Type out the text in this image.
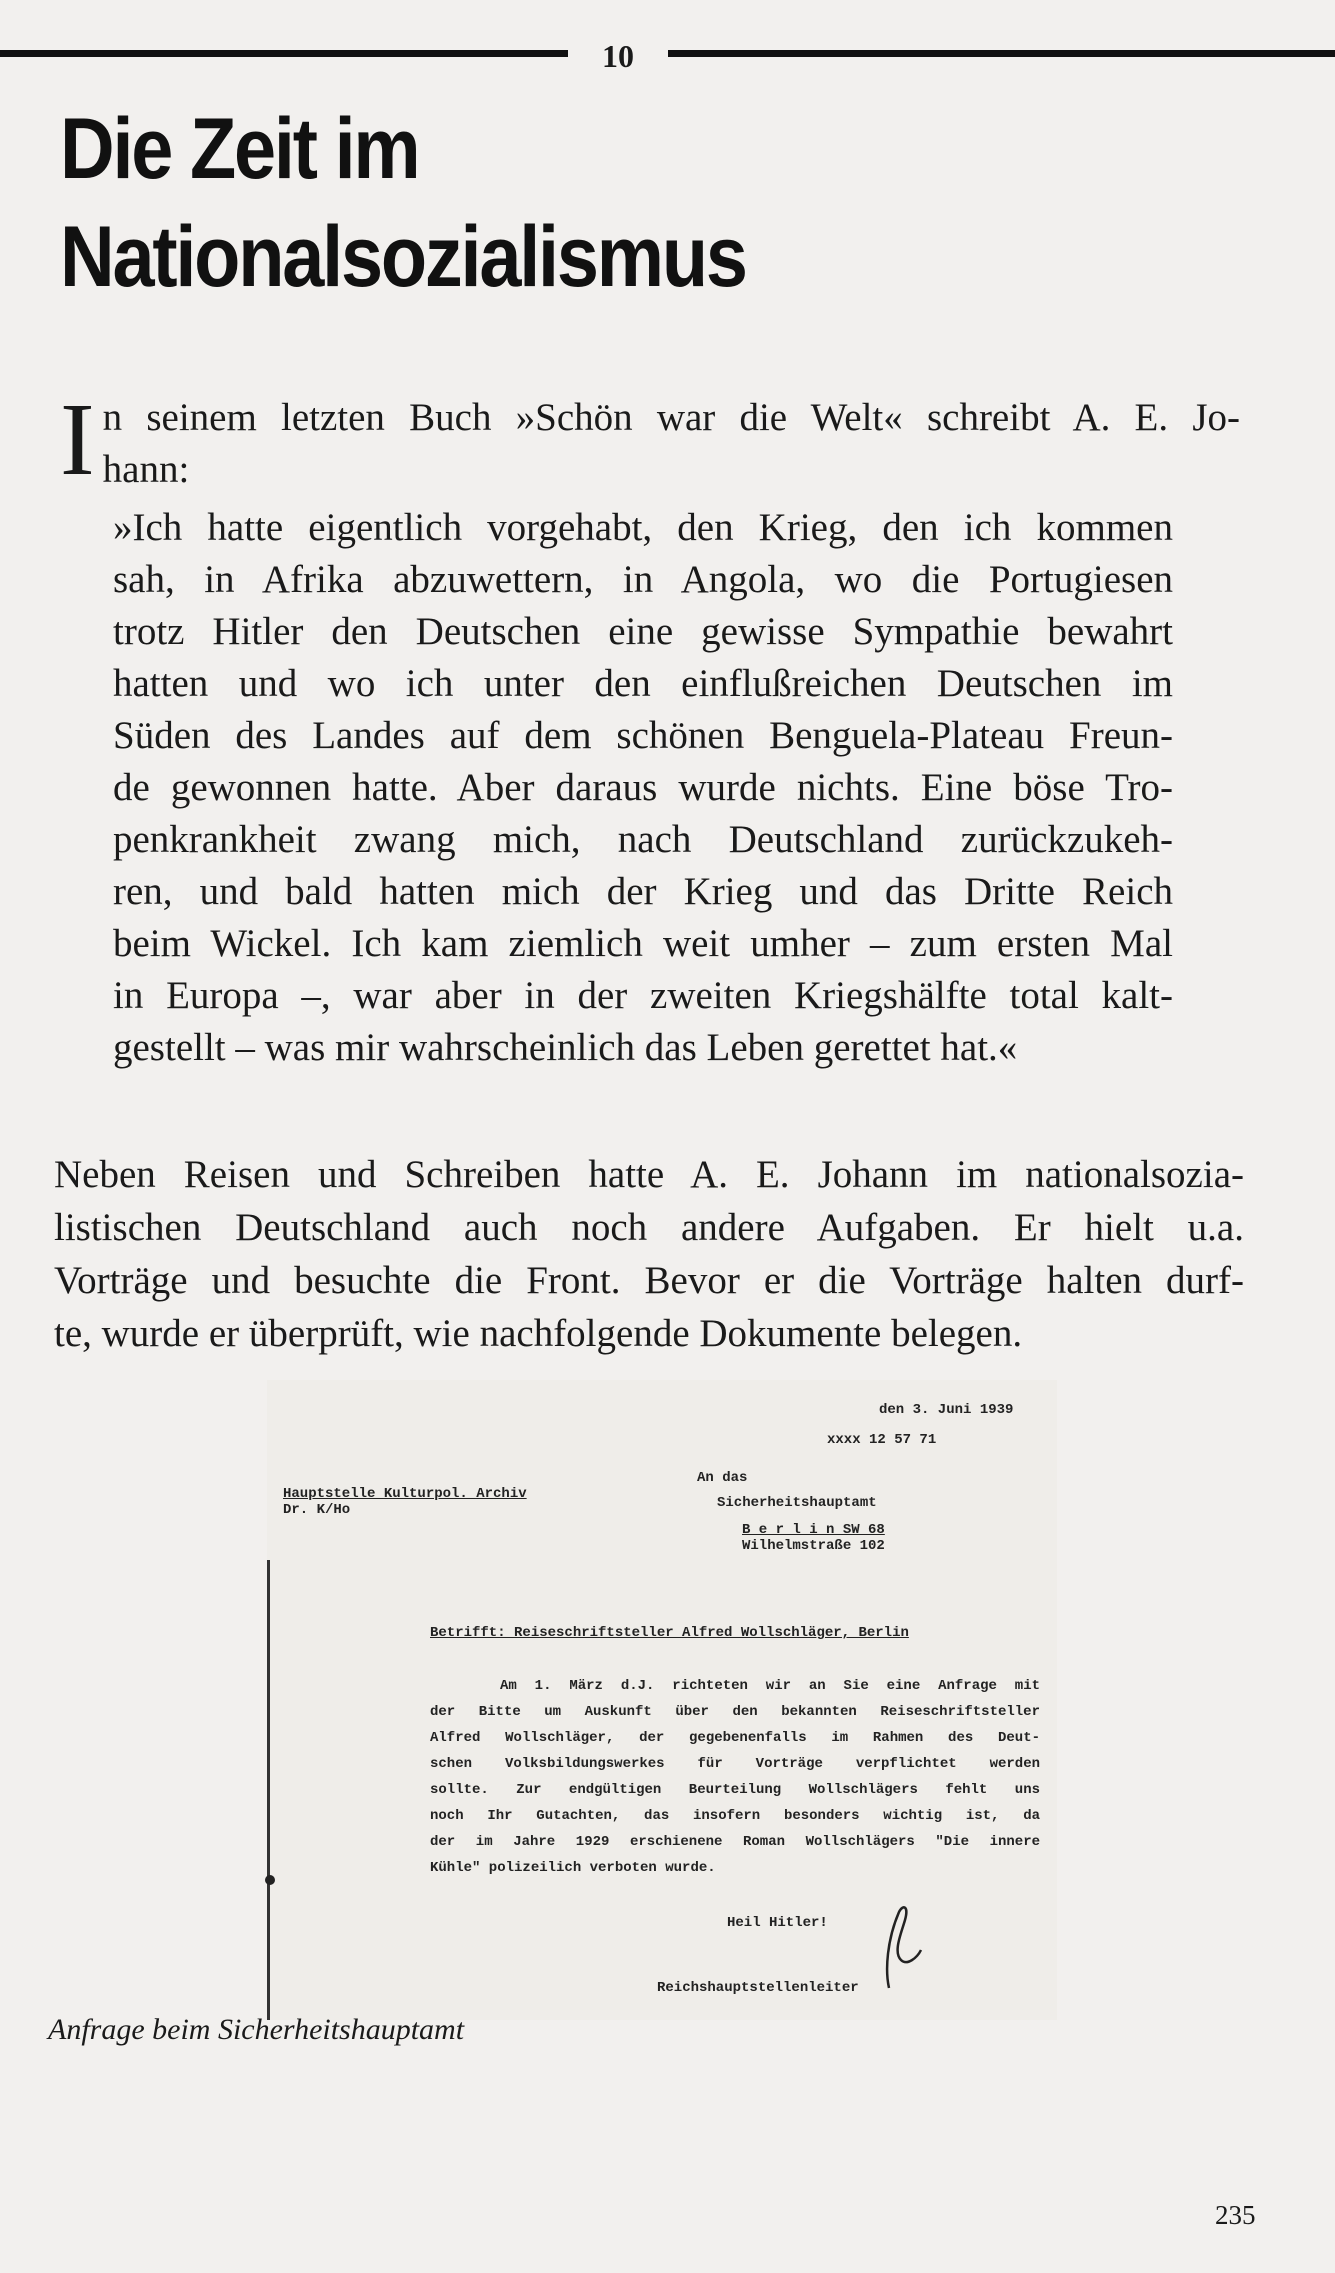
10
Die Zeit im
Nationalsozialismus
I n seinem letzten Buch »Schön war die Welt« schreibt A. E. Jo-
hann:
»Ich hatte eigentlich vorgehabt, den Krieg, den ich kommen
sah, in Afrika abzuwettern, in Angola, wo die Portugiesen
trotz Hitler den Deutschen eine gewisse Sympathie bewahrt
hatten und wo ich unter den einflußreichen Deutschen im
Süden des Landes auf dem schönen Benguela-Plateau Freun-
de gewonnen hatte. Aber daraus wurde nichts. Eine böse Tro-
penkrankheit zwang mich, nach Deutschland zurückzukeh-
ren, und bald hatten mich der Krieg und das Dritte Reich
beim Wickel. Ich kam ziemlich weit umher – zum ersten Mal
in Europa –, war aber in der zweiten Kriegshälfte total kalt-
gestellt – was mir wahrscheinlich das Leben gerettet hat.«
Neben Reisen und Schreiben hatte A. E. Johann im nationalsozia-
listischen Deutschland auch noch andere Aufgaben. Er hielt u.a.
Vorträge und besuchte die Front. Bevor er die Vorträge halten durf-
te, wurde er überprüft, wie nachfolgende Dokumente belegen.
den 3. Juni 1939
xxxx 12 57 71
Hauptstelle Kulturpol. Archiv
Dr. K/Ho
An das
Sicherheitshauptamt
B e r l i n SW 68
Wilhelmstraße 102
Betrifft: Reiseschriftsteller Alfred Wollschläger, Berlin
Am 1. März d.J. richteten wir an Sie eine Anfrage mit
der Bitte um Auskunft über den bekannten Reiseschriftsteller
Alfred Wollschläger, der gegebenenfalls im Rahmen des Deut-
schen Volksbildungswerkes für Vorträge verpflichtet werden
sollte. Zur endgültigen Beurteilung Wollschlägers fehlt uns
noch Ihr Gutachten, das insofern besonders wichtig ist, da
der im Jahre 1929 erschienene Roman Wollschlägers "Die innere
Kühle" polizeilich verboten wurde.
Heil Hitler!
Reichshauptstellenleiter
Anfrage beim Sicherheitshauptamt
235
